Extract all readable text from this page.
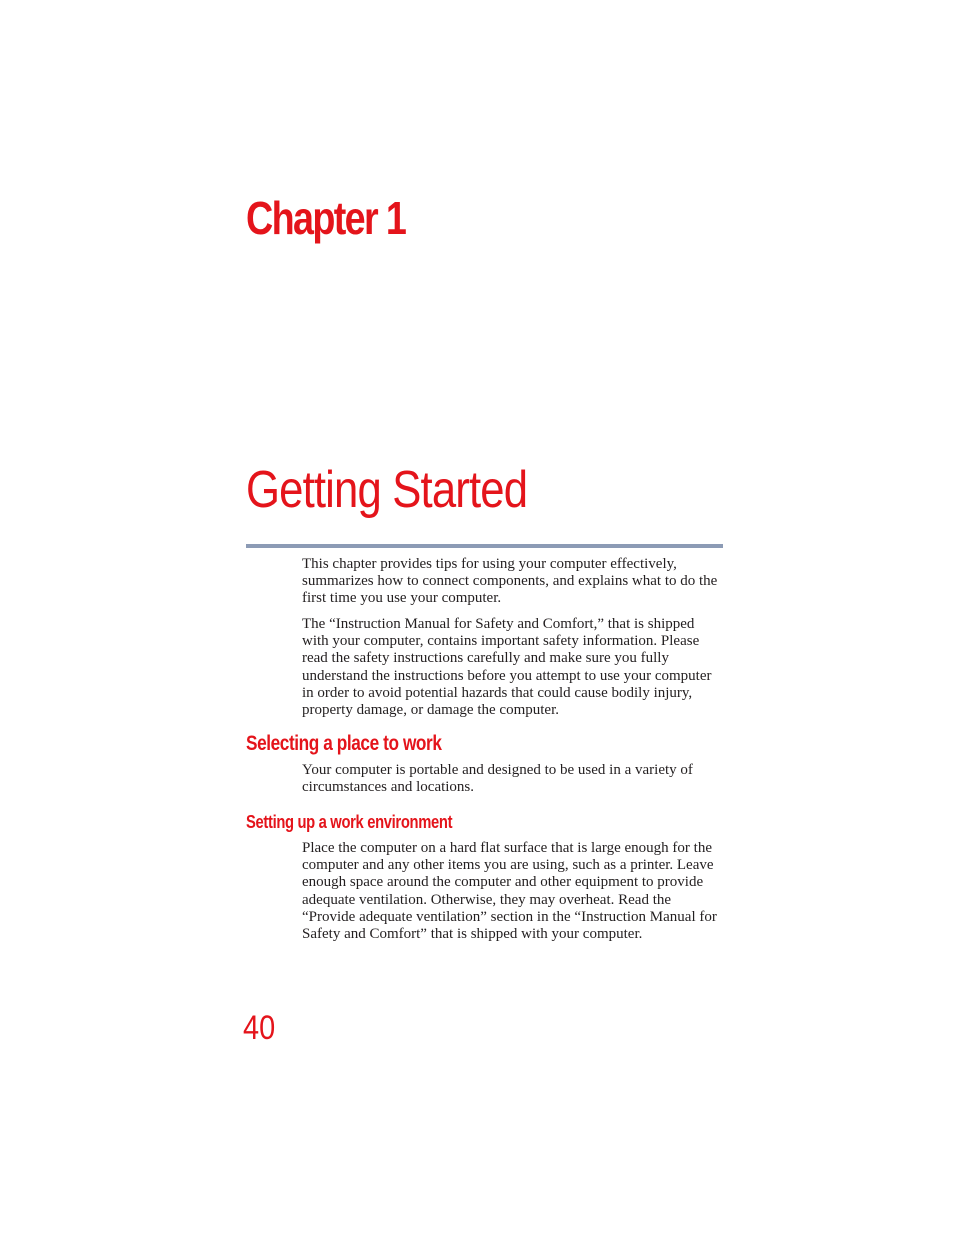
Chapter 1
Getting Started

This chapter provides tips for using your computer effectively, summarizes how to connect components, and explains what to do the first time you use your computer.

The “Instruction Manual for Safety and Comfort,” that is shipped with your computer, contains important safety information. Please read the safety instructions carefully and make sure you fully understand the instructions before you attempt to use your computer in order to avoid potential hazards that could cause bodily injury, property damage, or damage the computer.

Selecting a place to work

Your computer is portable and designed to be used in a variety of circumstances and locations.

Setting up a work environment

Place the computer on a hard flat surface that is large enough for the computer and any other items you are using, such as a printer. Leave enough space around the computer and other equipment to provide adequate ventilation. Otherwise, they may overheat. Read the “Provide adequate ventilation” section in the “Instruction Manual for Safety and Comfort” that is shipped with your computer.

40
